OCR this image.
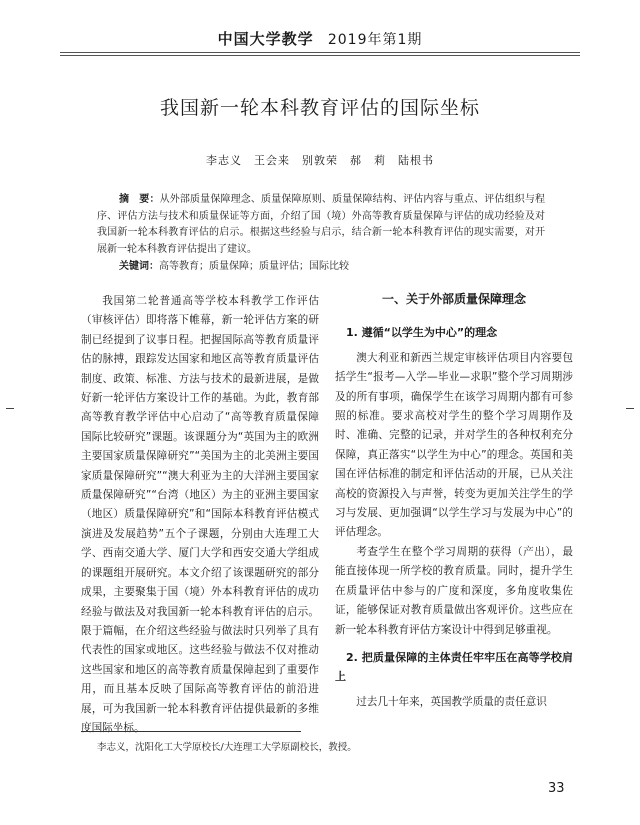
中国大学教学 2019年第1期
我国新一轮本科教育评估的国际坐标
李志义　王会来　别敦荣　郝　莉　陆根书
摘　要：从外部质量保障理念、质量保障原则、质量保障结构、评估内容与重点、评估组织与程序、评估方法与技术和质量保证等方面，介绍了国（境）外高等教育质量保障与评估的成功经验及对我国新一轮本科教育评估的启示。根据这些经验与启示，结合新一轮本科教育评估的现实需要，对开展新一轮本科教育评估提出了建议。
关键词：高等教育；质量保障；质量评估；国际比较

我国第二轮普通高等学校本科教学工作评估（审核评估）即将落下帷幕，新一轮评估方案的研制已经提到了议事日程。把握国际高等教育质量评估的脉搏，跟踪发达国家和地区高等教育质量评估制度、政策、标准、方法与技术的最新进展，是做好新一轮评估方案设计工作的基础。为此，教育部高等教育教学评估中心启动了“高等教育质量保障国际比较研究”课题。该课题分为“英国为主的欧洲主要国家质量保障研究”“美国为主的北美洲主要国家质量保障研究”“澳大利亚为主的大洋洲主要国家质量保障研究”“台湾（地区）为主的亚洲主要国家（地区）质量保障研究”和“国际本科教育评估模式演进及发展趋势”五个子课题，分别由大连理工大学、西南交通大学、厦门大学和西安交通大学组成的课题组开展研究。本文介绍了该课题研究的部分成果，主要聚集于国（境）外本科教育评估的成功经验与做法及对我国新一轮本科教育评估的启示。限于篇幅，在介绍这些经验与做法时只列举了具有代表性的国家或地区。这些经验与做法不仅对推动这些国家和地区的高等教育质量保障起到了重要作用，而且基本反映了国际高等教育评估的前沿进展，可为我国新一轮本科教育评估提供最新的多维度国际坐标。

一、关于外部质量保障理念
1. 遵循“以学生为中心”的理念

澳大利亚和新西兰规定审核评估项目内容要包括学生“报考—入学—毕业—求职”整个学习周期涉及的所有事项，确保学生在该学习周期内都有可参照的标准。要求高校对学生的整个学习周期作及时、准确、完整的记录，并对学生的各种权利充分保障，真正落实“以学生为中心”的理念。英国和美国在评估标准的制定和评估活动的开展，已从关注高校的资源投入与声誉，转变为更加关注学生的学习与发展、更加强调“以学生学习与发展为中心”的评估理念。

考查学生在整个学习周期的获得（产出），最能直接体现一所学校的教育质量。同时，提升学生在质量评估中参与的广度和深度，多角度收集佐证，能够保证对教育质量做出客观评价。这些应在新一轮本科教育评估方案设计中得到足够重视。

2. 把质量保障的主体责任牢牢压在高等学校肩上

过去几十年来，英国教学质量的责任意识

李志义，沈阳化工大学原校长/大连理工大学原副校长，教授。
33
